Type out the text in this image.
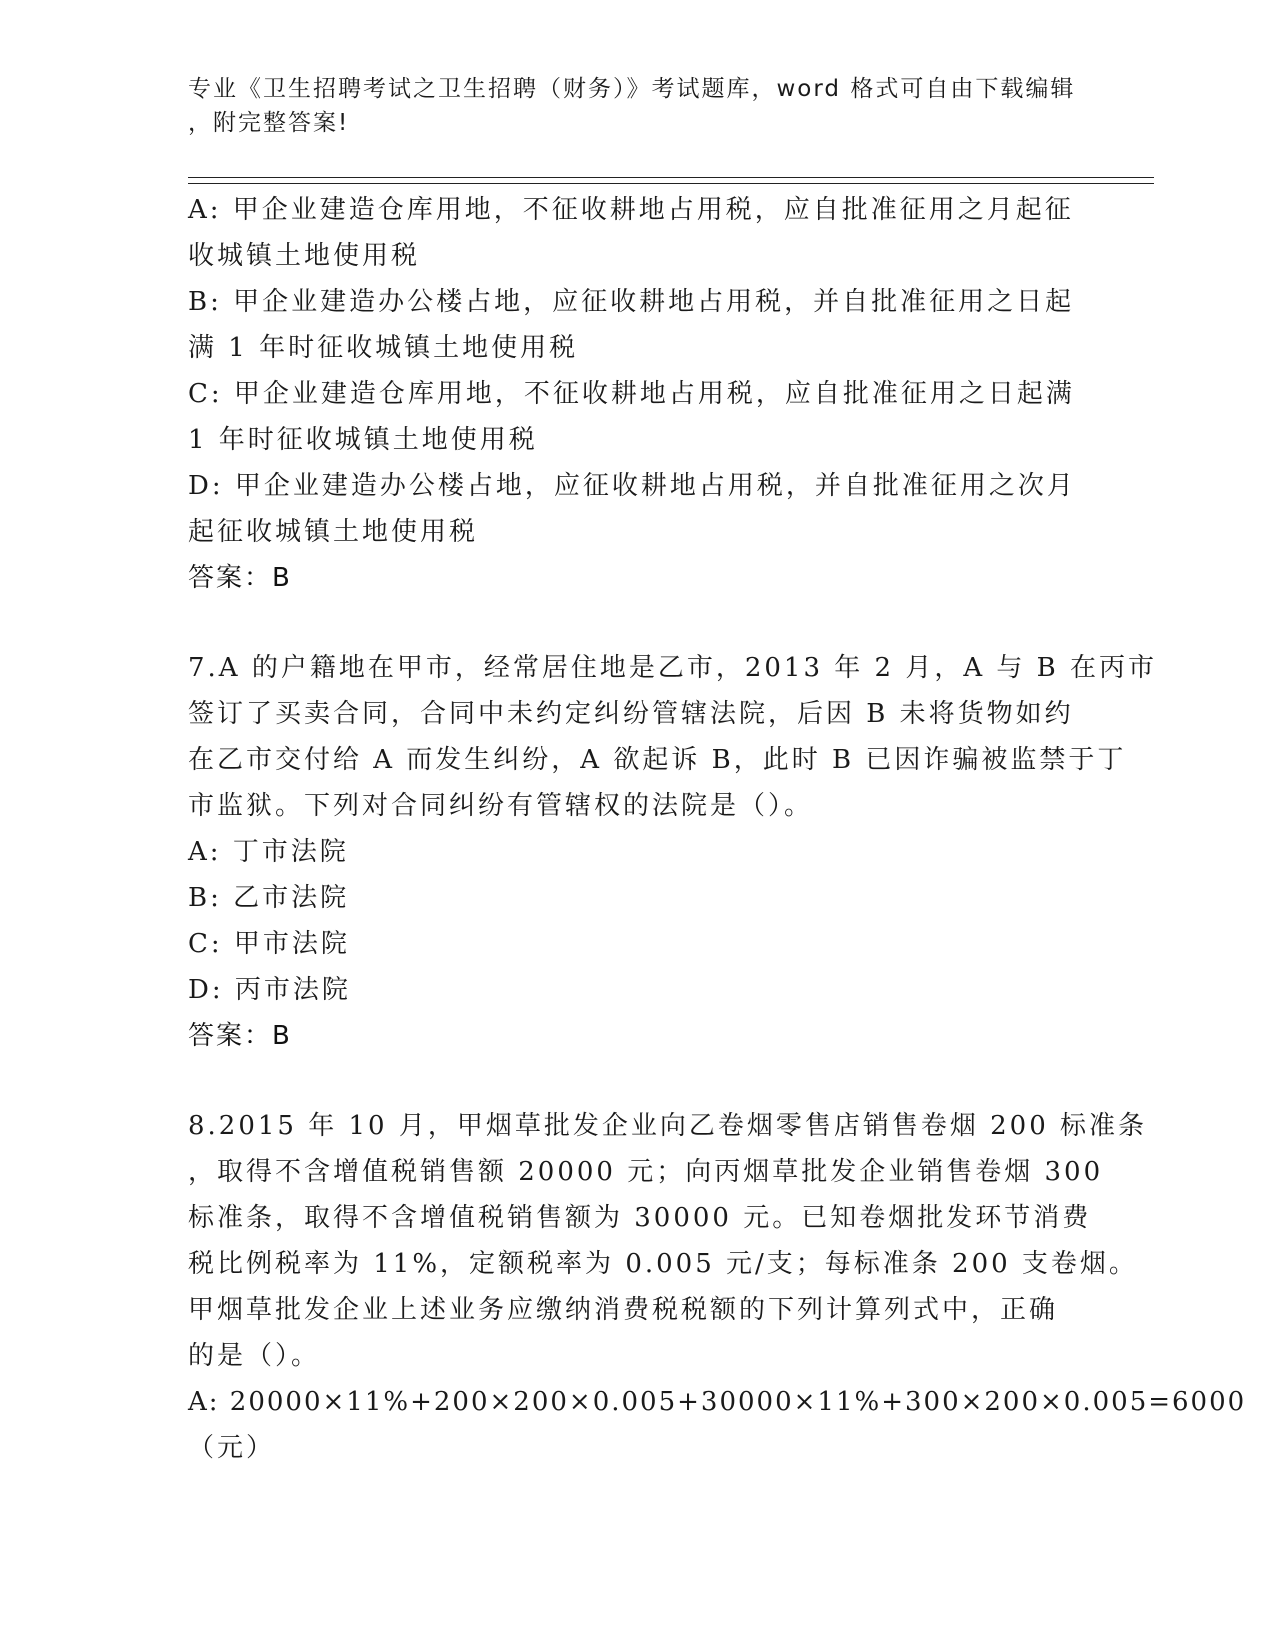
专业《卫生招聘考试之卫生招聘（财务）》考试题库，word 格式可自由下载编辑
，附完整答案!
A: 甲企业建造仓库用地，不征收耕地占用税，应自批准征用之月起征
收城镇土地使用税
B: 甲企业建造办公楼占地，应征收耕地占用税，并自批准征用之日起
满 1 年时征收城镇土地使用税
C: 甲企业建造仓库用地，不征收耕地占用税，应自批准征用之日起满
1 年时征收城镇土地使用税
D: 甲企业建造办公楼占地，应征收耕地占用税，并自批准征用之次月
起征收城镇土地使用税
答案：B
7.A 的户籍地在甲市，经常居住地是乙市，2013 年 2 月，A 与 B 在丙市
签订了买卖合同，合同中未约定纠纷管辖法院，后因 B 未将货物如约
在乙市交付给 A 而发生纠纷，A 欲起诉 B，此时 B 已因诈骗被监禁于丁
市监狱。下列对合同纠纷有管辖权的法院是（）。
A: 丁市法院
B: 乙市法院
C: 甲市法院
D: 丙市法院
答案：B
8.2015 年 10 月，甲烟草批发企业向乙卷烟零售店销售卷烟 200 标准条
，取得不含增值税销售额 20000 元；向丙烟草批发企业销售卷烟 300
标准条，取得不含增值税销售额为 30000 元。已知卷烟批发环节消费
税比例税率为 11%，定额税率为 0.005 元/支；每标准条 200 支卷烟。
甲烟草批发企业上述业务应缴纳消费税税额的下列计算列式中，正确
的是（）。
A: 20000×11%+200×200×0.005+30000×11%+300×200×0.005=6000
（元）
